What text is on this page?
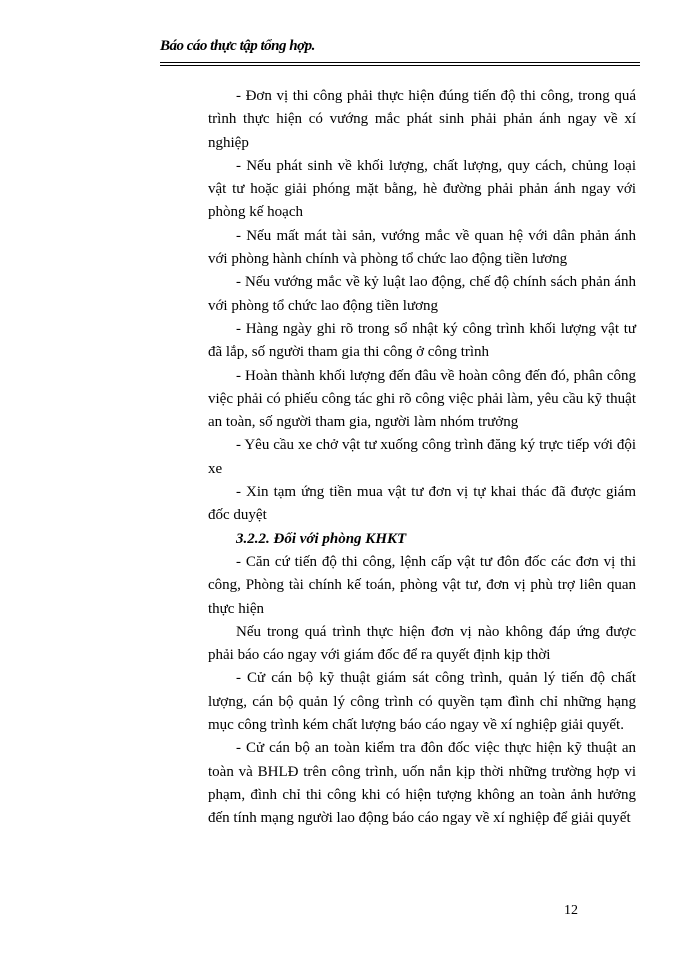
Báo cáo thực tập tổng hợp.

- Đơn vị thi công phải thực hiện đúng tiến độ thi công, trong quá trình thực hiện có vướng mắc phát sinh phải phản ánh ngay về xí nghiệp

- Nếu phát sinh về khối lượng, chất lượng, quy cách, chủng loại vật tư hoặc giải phóng mặt bằng, hè đường phải phản ánh ngay với phòng kế hoạch

- Nếu mất mát tài sản, vướng mắc về quan hệ với dân phản ánh với phòng hành chính và phòng tổ chức lao động tiền lương

- Nếu vướng mắc về kỷ luật lao động, chế độ chính sách phản ánh với phòng tổ chức lao động tiền lương

- Hàng ngày ghi rõ trong sổ nhật ký công trình khối lượng vật tư đã lắp, số người tham gia thi công ở công trình

- Hoàn thành khối lượng đến đâu về hoàn công đến đó, phân công việc phải có phiếu công tác ghi rõ công việc phải làm, yêu cầu kỹ thuật an toàn, số người tham gia, người làm nhóm trưởng

- Yêu cầu xe chở vật tư xuống công trình đăng ký trực tiếp với đội xe

- Xin tạm ứng tiền mua vật tư đơn vị tự khai thác đã được giám đốc duyệt

3.2.2. Đối với phòng KHKT

- Căn cứ tiến độ thi công, lệnh cấp vật tư đôn đốc các đơn vị thi công, Phòng tài chính kế toán, phòng vật tư, đơn vị phù trợ liên quan thực hiện

Nếu trong quá trình thực hiện đơn vị nào không đáp ứng được phải báo cáo ngay với giám đốc để ra quyết định kịp thời

- Cử cán bộ kỹ thuật giám sát công trình, quản lý tiến độ chất lượng, cán bộ quản lý công trình có quyền tạm đình chỉ những hạng mục công trình kém chất lượng báo cáo ngay về xí nghiệp giải quyết.

- Cử cán bộ an toàn kiểm tra đôn đốc việc thực hiện kỹ thuật an toàn và BHLĐ trên công trình, uốn nắn kịp thời những trường hợp vi phạm, đình chỉ thi công khi có hiện tượng không an toàn ảnh hưởng đến tính mạng người lao động báo cáo ngay về xí nghiệp để giải quyết

12
